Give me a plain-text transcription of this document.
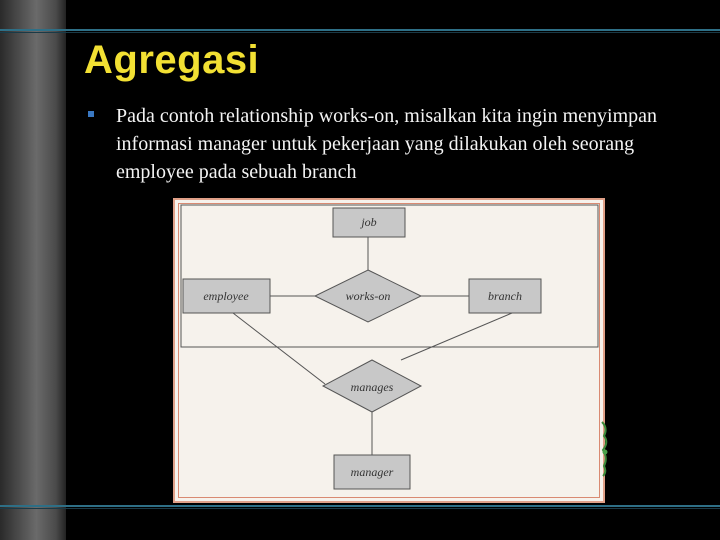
Agregasi

Pada contoh relationship works-on, misalkan kita ingin menyimpan informasi manager untuk pekerjaan yang dilakukan oleh seorang employee pada sebuah branch

job
employee	branch
works-on
manages
manager
